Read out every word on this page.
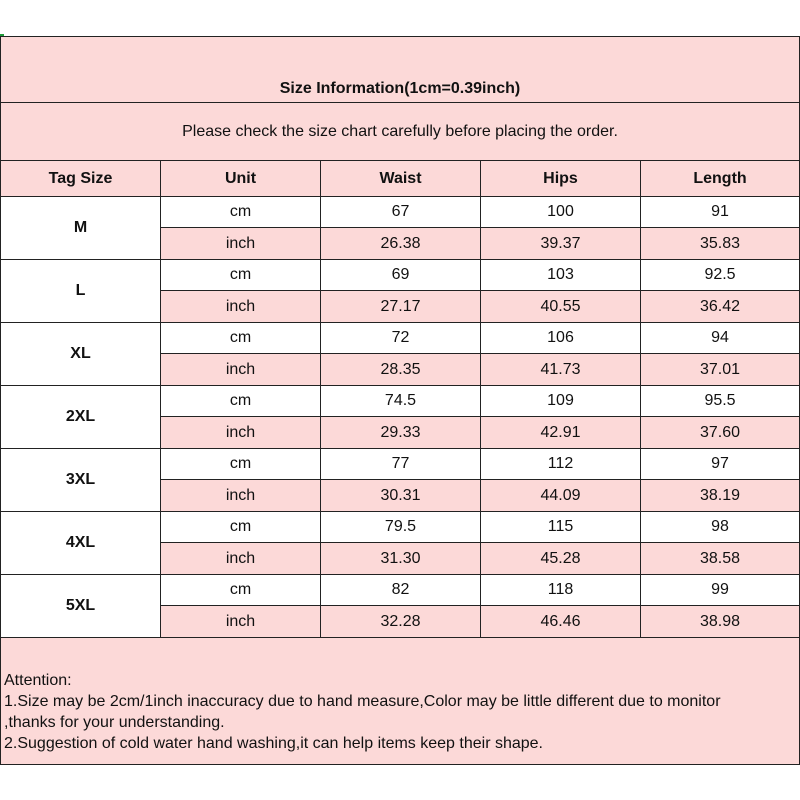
Size Information(1cm=0.39inch)				
Please check the size chart carefully before placing the order.				
Tag Size	Unit	Waist	Hips	Length
M	cm	67	100	91
	inch	26.38	39.37	35.83
L	cm	69	103	92.5
	inch	27.17	40.55	36.42
XL	cm	72	106	94
	inch	28.35	41.73	37.01
2XL	cm	74.5	109	95.5
	inch	29.33	42.91	37.60
3XL	cm	77	112	97
	inch	30.31	44.09	38.19
4XL	cm	79.5	115	98
	inch	31.30	45.28	38.58
5XL	cm	82	118	99
	inch	32.28	46.46	38.98

Attention:
1.Size may be 2cm/1inch inaccuracy due to hand measure,Color may be little different due to monitor
,thanks for your understanding.
2.Suggestion of cold water hand washing,it can help items keep their shape.				
